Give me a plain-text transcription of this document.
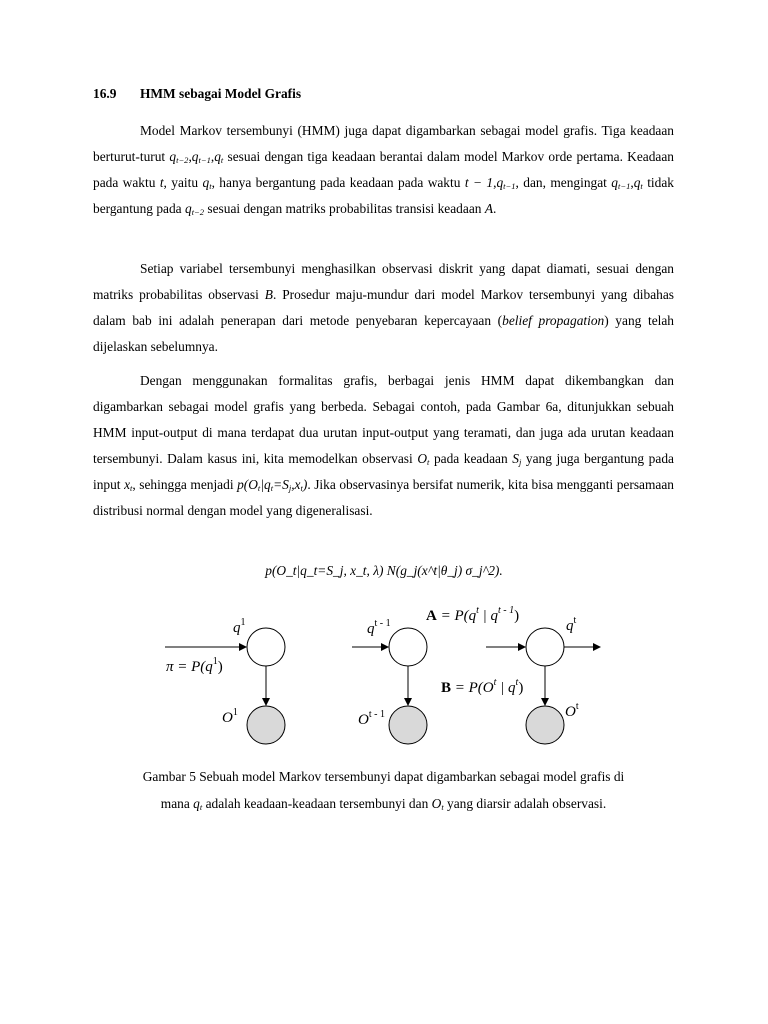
16.9 HMM sebagai Model Grafis
Model Markov tersembunyi (HMM) juga dapat digambarkan sebagai model grafis. Tiga keadaan berturut-turut $q_{t-2},q_{t-1},q_t$ sesuai dengan tiga keadaan berantai dalam model Markov orde pertama. Keadaan pada waktu t, yaitu $q_t$, hanya bergantung pada keadaan pada waktu $t - 1,q_{t-1}$, dan, mengingat $q_{t-1},q_t$ tidak bergantung pada $q_{t-2}$ sesuai dengan matriks probabilitas transisi keadaan A.
Setiap variabel tersembunyi menghasilkan observasi diskrit yang dapat diamati, sesuai dengan matriks probabilitas observasi B. Prosedur maju-mundur dari model Markov tersembunyi yang dibahas dalam bab ini adalah penerapan dari metode penyebaran kepercayaan (belief propagation) yang telah dijelaskan sebelumnya.
Dengan menggunakan formalitas grafis, berbagai jenis HMM dapat dikembangkan dan digambarkan sebagai model grafis yang berbeda. Sebagai contoh, pada Gambar 6a, ditunjukkan sebuah HMM input-output di mana terdapat dua urutan input-output yang teramati, dan juga ada urutan keadaan tersembunyi. Dalam kasus ini, kita memodelkan observasi $O_t$ pada keadaan $S_j$ yang juga bergantung pada input $x_t$, sehingga menjadi $p(O_t|q_t=S_j,x_t)$. Jika observasinya bersifat numerik, kita bisa mengganti persamaan distribusi normal dengan model yang digeneralisasi.
p(O_t|q_t=S_j, x_t, λ) N(g_j(x^t|θ_j) σ_j^2).
$q^1$	$q^{t - 1}$	$q^t$
$O^1$	$O^{t - 1}$	$O^t$
$\pi = P(q^1)$
$A = P(q^t$ | $q^{t - 1}$)
$B = P(O^t$ | $q^t$)
Gambar 5 Sebuah model Markov tersembunyi dapat digambarkan sebagai model grafis di
mana $q_t$ adalah keadaan-keadaan tersembunyi dan $O_t$ yang diarsir adalah observasi.
